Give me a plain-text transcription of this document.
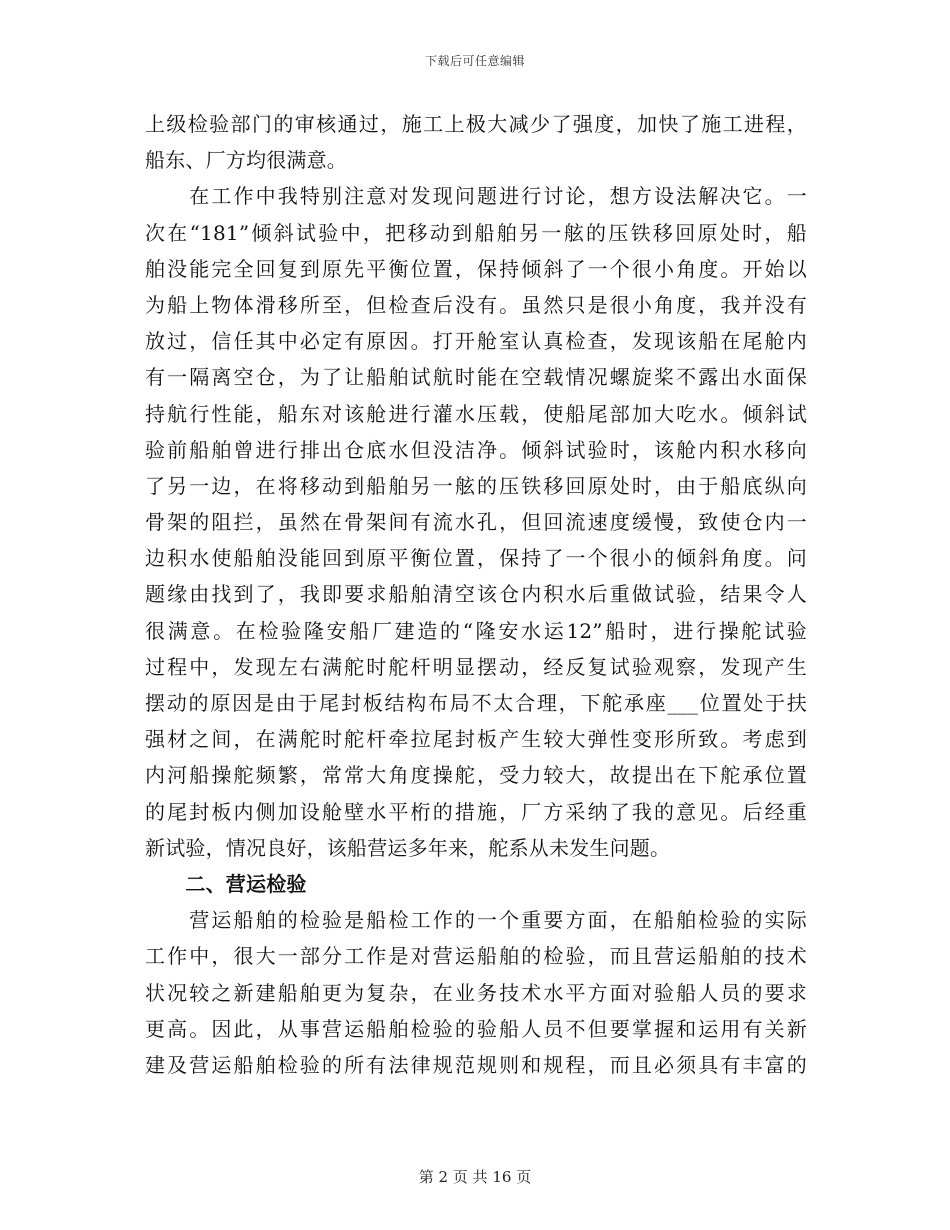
下载后可任意编辑
上级检验部门的审核通过，施工上极大减少了强度，加快了施工进程，
船东、厂方均很满意。
　　在工作中我特别注意对发现问题进行讨论，想方设法解决它。一
次在“181”倾斜试验中，把移动到船舶另一舷的压铁移回原处时，船
舶没能完全回复到原先平衡位置，保持倾斜了一个很小角度。开始以
为船上物体滑移所至，但检查后没有。虽然只是很小角度，我并没有
放过，信任其中必定有原因。打开舱室认真检查，发现该船在尾舱内
有一隔离空仓，为了让船舶试航时能在空载情况螺旋桨不露出水面保
持航行性能，船东对该舱进行灌水压载，使船尾部加大吃水。倾斜试
验前船舶曾进行排出仓底水但没洁净。倾斜试验时，该舱内积水移向
了另一边，在将移动到船舶另一舷的压铁移回原处时，由于船底纵向
骨架的阻拦，虽然在骨架间有流水孔，但回流速度缓慢，致使仓内一
边积水使船舶没能回到原平衡位置，保持了一个很小的倾斜角度。问
题缘由找到了，我即要求船舶清空该仓内积水后重做试验，结果令人
很满意。在检验隆安船厂建造的“隆安水运12”船时，进行操舵试验
过程中，发现左右满舵时舵杆明显摆动，经反复试验观察，发现产生
摆动的原因是由于尾封板结构布局不太合理，下舵承座___位置处于扶
强材之间，在满舵时舵杆牵拉尾封板产生较大弹性变形所致。考虑到
内河船操舵频繁，常常大角度操舵，受力较大，故提出在下舵承位置
的尾封板内侧加设舱壁水平桁的措施，厂方采纳了我的意见。后经重
新试验，情况良好，该船营运多年来，舵系从未发生问题。
　　二、营运检验
　　营运船舶的检验是船检工作的一个重要方面，在船舶检验的实际
工作中，很大一部分工作是对营运船舶的检验，而且营运船舶的技术
状况较之新建船舶更为复杂，在业务技术水平方面对验船人员的要求
更高。因此，从事营运船舶检验的验船人员不但要掌握和运用有关新
建及营运船舶检验的所有法律规范规则和规程，而且必须具有丰富的
第 2 页 共 16 页
